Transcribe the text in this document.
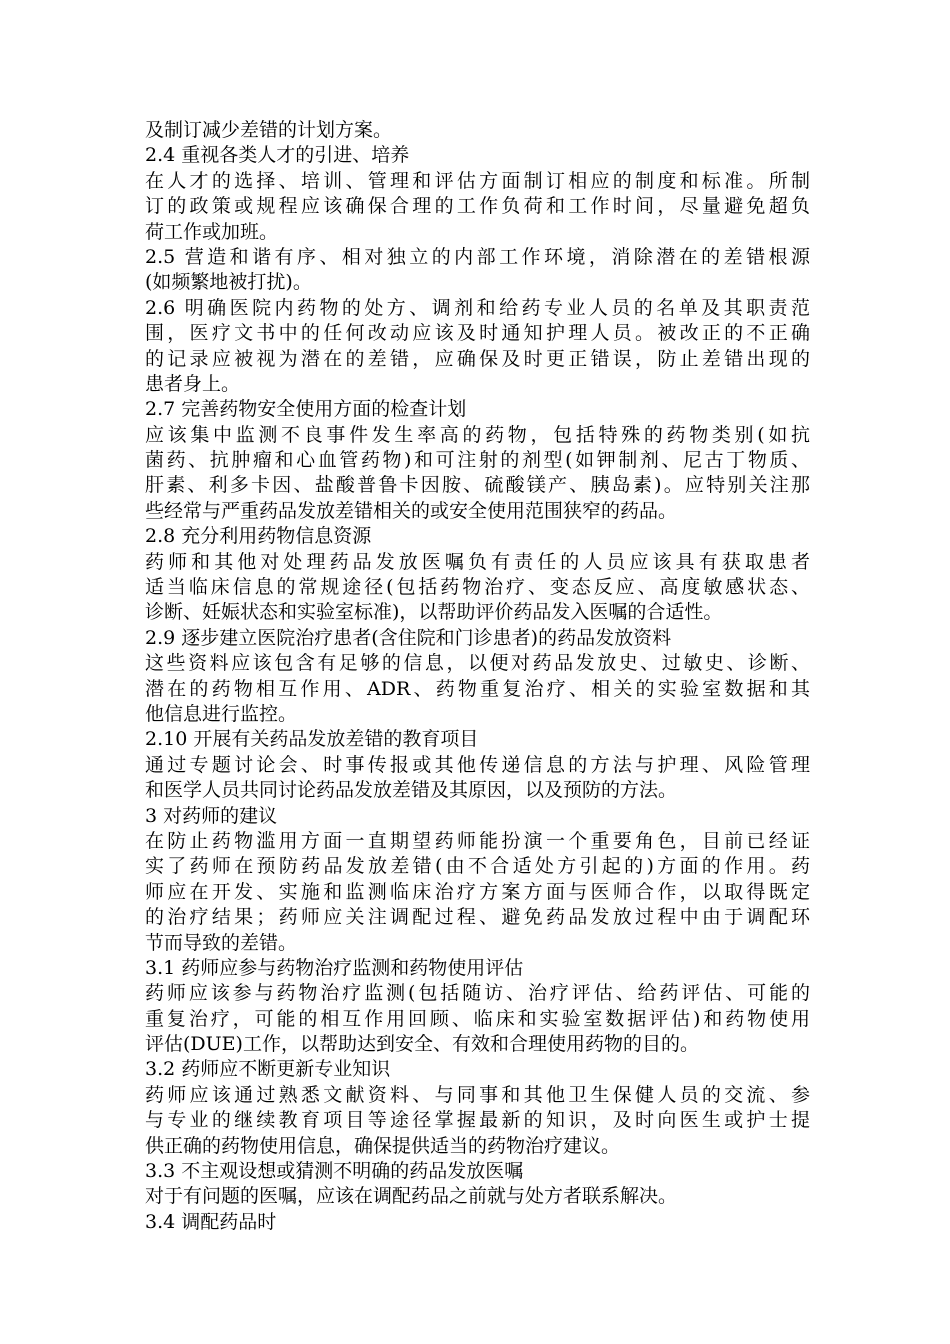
及制订减少差错的计划方案。
2.4 重视各类人才的引进、培养
在人才的选择、培训、管理和评估方面制订相应的制度和标准。所制
订的政策或规程应该确保合理的工作负荷和工作时间，尽量避免超负
荷工作或加班。
2.5 营造和谐有序、相对独立的内部工作环境，消除潜在的差错根源
(如频繁地被打扰)。
2.6 明确医院内药物的处方、调剂和给药专业人员的名单及其职责范
围，医疗文书中的任何改动应该及时通知护理人员。被改正的不正确
的记录应被视为潜在的差错，应确保及时更正错误，防止差错出现的
患者身上。
2.7 完善药物安全使用方面的检查计划
应该集中监测不良事件发生率高的药物，包括特殊的药物类别(如抗
菌药、抗肿瘤和心血管药物)和可注射的剂型(如钾制剂、尼古丁物质、
肝素、利多卡因、盐酸普鲁卡因胺、硫酸镁产、胰岛素)。应特别关注那
些经常与严重药品发放差错相关的或安全使用范围狭窄的药品。
2.8 充分利用药物信息资源
药师和其他对处理药品发放医嘱负有责任的人员应该具有获取患者
适当临床信息的常规途径(包括药物治疗、变态反应、高度敏感状态、
诊断、妊娠状态和实验室标准)，以帮助评价药品发入医嘱的合适性。
2.9 逐步建立医院治疗患者(含住院和门诊患者)的药品发放资料
这些资料应该包含有足够的信息，以便对药品发放史、过敏史、诊断、
潜在的药物相互作用、ADR、药物重复治疗、相关的实验室数据和其
他信息进行监控。
2.10 开展有关药品发放差错的教育项目
通过专题讨论会、时事传报或其他传递信息的方法与护理、风险管理
和医学人员共同讨论药品发放差错及其原因，以及预防的方法。
3 对药师的建议
在防止药物滥用方面一直期望药师能扮演一个重要角色，目前已经证
实了药师在预防药品发放差错(由不合适处方引起的)方面的作用。药
师应在开发、实施和监测临床治疗方案方面与医师合作，以取得既定
的治疗结果；药师应关注调配过程、避免药品发放过程中由于调配环
节而导致的差错。
3.1 药师应参与药物治疗监测和药物使用评估
药师应该参与药物治疗监测(包括随访、治疗评估、给药评估、可能的
重复治疗，可能的相互作用回顾、临床和实验室数据评估)和药物使用
评估(DUE)工作，以帮助达到安全、有效和合理使用药物的目的。
3.2 药师应不断更新专业知识
药师应该通过熟悉文献资料、与同事和其他卫生保健人员的交流、参
与专业的继续教育项目等途径掌握最新的知识，及时向医生或护士提
供正确的药物使用信息，确保提供适当的药物治疗建议。
3.3 不主观设想或猜测不明确的药品发放医嘱
对于有问题的医嘱，应该在调配药品之前就与处方者联系解决。
3.4 调配药品时
